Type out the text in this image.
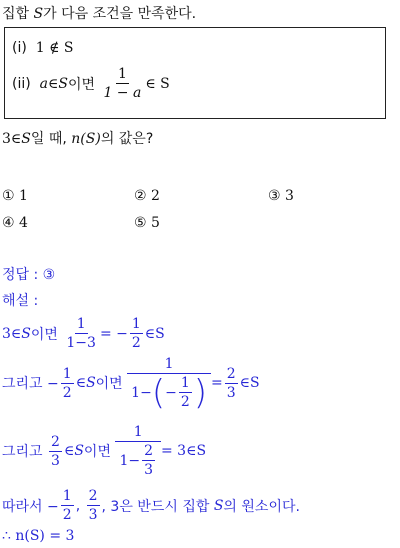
집합 S가 다음 조건을 만족한다.
(i) 1 ∉ S
(ii)
a ∈ S 이면
$\frac{1}{1 - a}$ ∈ S
3∈S일 때, n(S)의 값은?
① 1	② 2	③ 3
④ 4	⑤ 5
정답 : ③
해설 :
3∈ S 이면
$\frac{1}{1-3}$ = − $\frac{1}{2}$ ∈S
그리고 − $\frac{1}{2}$ ∈ S 이면
$\frac{1}{1- ( - \frac{1}{2} )} = \frac{2}{3}$ ∈S
그리고
$\frac{2}{3}$ ∈ S 이면
$\frac{1}{1- \frac{2}{3}}$ = 3∈S
따라서 − $\frac{1}{2}$ ,
$\frac{2}{3}$ , 3은 반드시 집합
S 의 원소이다.
∴ n(S) = 3
